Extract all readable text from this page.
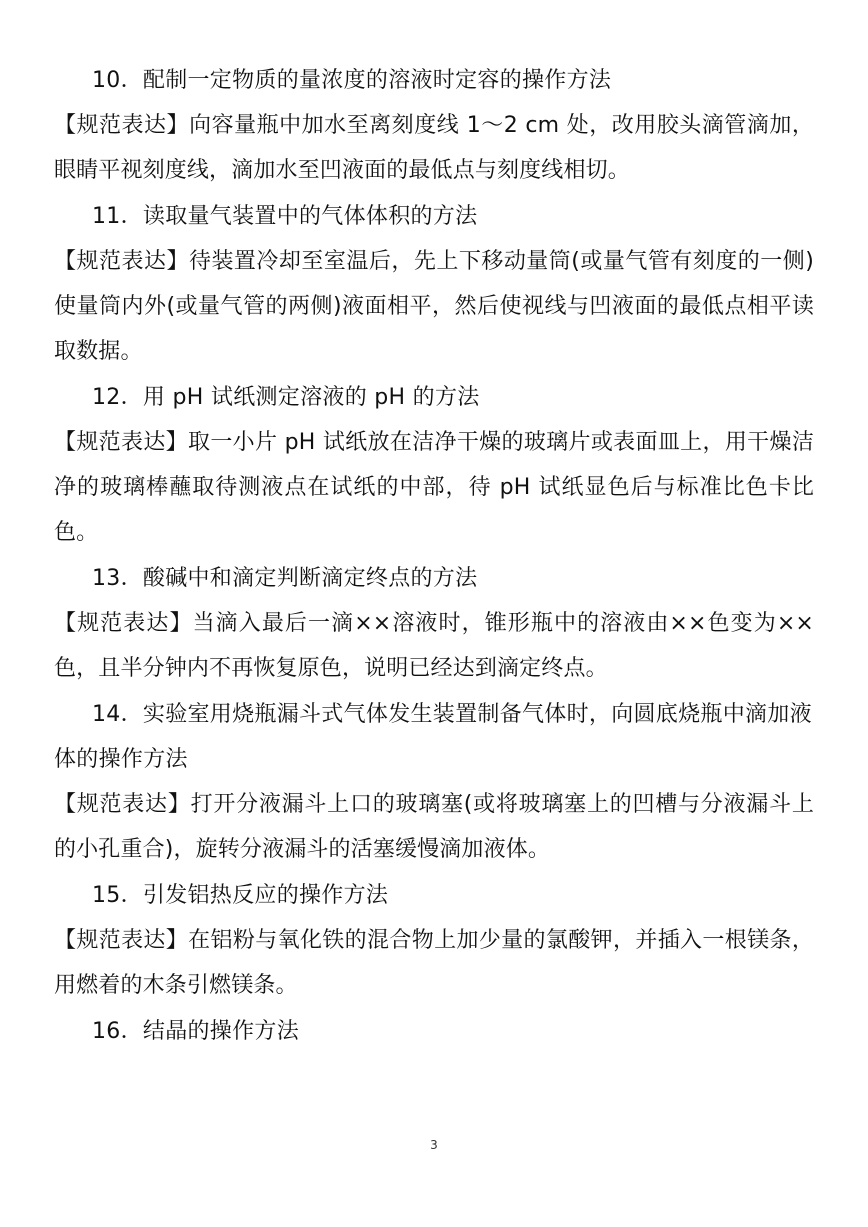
10．配制一定物质的量浓度的溶液时定容的操作方法

【规范表达】向容量瓶中加水至离刻度线 1～2 cm 处，改用胶头滴管滴加，眼睛平视刻度线，滴加水至凹液面的最低点与刻度线相切。

11．读取量气装置中的气体体积的方法

【规范表达】待装置冷却至室温后，先上下移动量筒(或量气管有刻度的一侧)使量筒内外(或量气管的两侧)液面相平，然后使视线与凹液面的最低点相平读取数据。

12．用 pH 试纸测定溶液的 pH 的方法

【规范表达】取一小片 pH 试纸放在洁净干燥的玻璃片或表面皿上，用干燥洁净的玻璃棒蘸取待测液点在试纸的中部，待 pH 试纸显色后与标准比色卡比色。

13．酸碱中和滴定判断滴定终点的方法

【规范表达】当滴入最后一滴××溶液时，锥形瓶中的溶液由××色变为××色，且半分钟内不再恢复原色，说明已经达到滴定终点。

14．实验室用烧瓶漏斗式气体发生装置制备气体时，向圆底烧瓶中滴加液体的操作方法

【规范表达】打开分液漏斗上口的玻璃塞(或将玻璃塞上的凹槽与分液漏斗上的小孔重合)，旋转分液漏斗的活塞缓慢滴加液体。

15．引发铝热反应的操作方法

【规范表达】在铝粉与氧化铁的混合物上加少量的氯酸钾，并插入一根镁条，用燃着的木条引燃镁条。

16．结晶的操作方法

3
